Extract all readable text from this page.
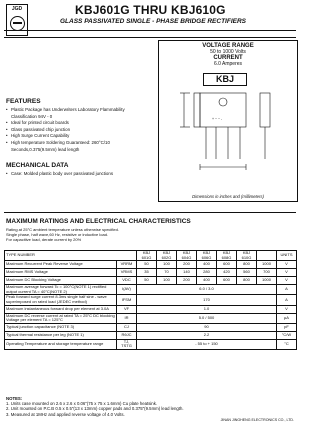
JGD	KBJ601G THRU KBJ610G
GLASS PASSIVATED SINGLE - PHASE BRIDGE RECTIFIERS
FEATURES
• Plastic Package has Underwriters Laboratory Flammability Classification 94V - 0
• Ideal for printed circuit boards
• Glass passivated chip junction
• High Surge Current Capability
• High temperature Soldering Guaranteed: 260°C/10 Seconds,0.375(9.5mm) lead length
MECHANICAL DATA
• Case: Molded plastic body over passivated junctions
VOLTAGE RANGE
50 to 1000 Volts
CURRENT
6.0 Amperes
KBJ
+ ~ ~ -
Dimensions in inches and (millimeters)
MAXIMUM RATINGS AND ELECTRICAL CHARACTERISTICS
Rating at 25°C ambient temperature unless otherwise specified.
Single phase, half wave,60 Hz, resistive or inductive load.
For capacitive load, derate current by 20%
TYPE NUMBER		KBJ 601G	KBJ 602G	KBJ 604G	KBJ 606G	KBJ 608G	KBJ 610G		UNITS
Maximum Recurrent Peak Reverse Voltage	VRRM	50	100	200	400	600	800	1000	V
Maximum RMS Voltage	VRMS	35	70	140	280	420	560	700	V
Maximum DC Blocking Voltage	VDC	50	100	200	400	600	800	1000	V
Maximum average forward Tc = 100°C(NOTE 1) rectified output current TA = 40°C(NOTE 2)	I(AV)	6.0 / 3.0							A
Peak forward surge current 8.3ms single half sine - wave superimposed on rated load (JEDEC method)	IFSM	170							A
Maximum instantaneous forward drop per element at 3.0A	VF	1.0							V
Maximum DC reverse current at rated TA = 25°C DC blocking Voltage per element TA = 125°C	IR	5.0 / 500							µA
Typical junction capacitance (NOTE 3)	CJ	90							pF
Typical thermal resistance per leg (NOTE 1)	RθJC	2.2							°C/W
Operating Temperature and storage temperature range	TJ, TSTG	- 55 to + 150							°C
NOTES:
1. Units case mounted on 2.6 x 2.6 x 0.06"(75 x 75 x 1.6mm) Cu plate heatsink.
2. Unit mounted on P.C.B 0.5 x 0.5"(13 x 13mm) copper pads and 0.375"(9.5mm) lead length.
3. Measured at 1MHz and applied reverse voltage of 4.0 Volts.
JINAN JINGHENG ELECTRONICS CO., LTD.
